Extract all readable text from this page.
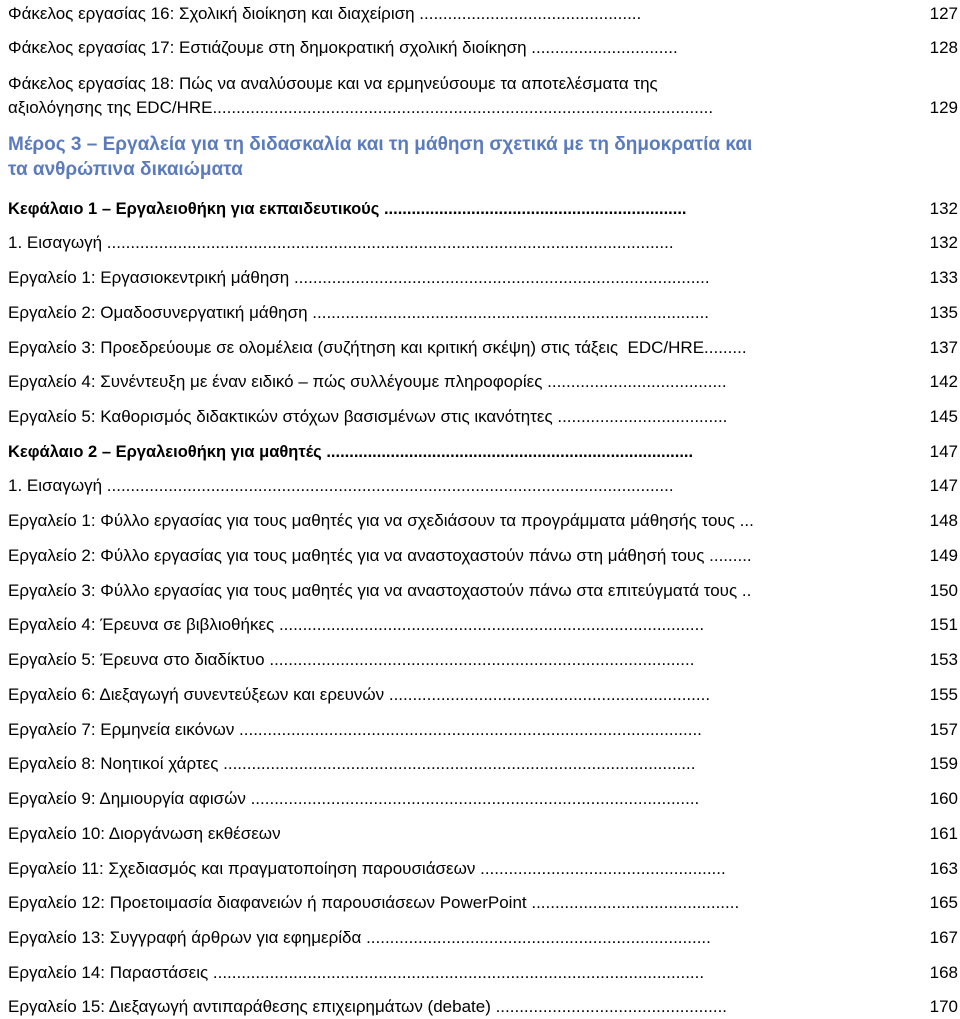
Φάκελος εργασίας 16: Σχολική διοίκηση και διαχείριση ...............................................	127
Φάκελος εργασίας 17: Εστιάζουμε στη δημοκρατική σχολική διοίκηση ...............................	128
Φάκελος εργασίας 18: Πώς να αναλύσουμε και να ερμηνεύσουμε τα αποτελέσματα της
αξιολόγησης της EDC/HRE..........................................................................................................	129
Μέρος 3 – Εργαλεία για τη διδασκαλία και τη μάθηση σχετικά με τη δημοκρατία και
τα ανθρώπινα δικαιώματα
Κεφάλαιο 1 – Εργαλειοθήκη για εκπαιδευτικούς ..................................................................	132
1. Εισαγωγή ........................................................................................................................	132
Εργαλείο 1: Εργασιοκεντρική μάθηση ........................................................................................	133
Εργαλείο 2: Ομαδοσυνεργατική μάθηση ....................................................................................	135
Εργαλείο 3: Προεδρεύουμε σε ολομέλεια (συζήτηση και κριτική σκέψη) στις τάξεις  EDC/HRE.........	137
Εργαλείο 4: Συνέντευξη με έναν ειδικό – πώς συλλέγουμε πληροφορίες ......................................	142
Εργαλείο 5: Καθορισμός διδακτικών στόχων βασισμένων στις ικανότητες ....................................	145
Κεφάλαιο 2 – Εργαλειοθήκη για μαθητές ................................................................................	147
1. Εισαγωγή ........................................................................................................................	147
Εργαλείο 1: Φύλλο εργασίας για τους μαθητές για να σχεδιάσουν τα προγράμματα μάθησής τους ...	148
Εργαλείο 2: Φύλλο εργασίας για τους μαθητές για να αναστοχαστούν πάνω στη μάθησή τους .........	149
Εργαλείο 3: Φύλλο εργασίας για τους μαθητές για να αναστοχαστούν πάνω στα επιτεύγματά τους ..	150
Εργαλείο 4: Έρευνα σε βιβλιοθήκες ..........................................................................................	151
Εργαλείο 5: Έρευνα στο διαδίκτυο ..........................................................................................	153
Εργαλείο 6: Διεξαγωγή συνεντεύξεων και ερευνών ....................................................................	155
Εργαλείο 7: Ερμηνεία εικόνων ..................................................................................................	157
Εργαλείο 8: Νοητικοί χάρτες ....................................................................................................	159
Εργαλείο 9: Δημιουργία αφισών ...............................................................................................	160
Εργαλείο 10: Διοργάνωση εκθέσεων	161
Εργαλείο 11: Σχεδιασμός και πραγματοποίηση παρουσιάσεων ....................................................	163
Εργαλείο 12: Προετοιμασία διαφανειών ή παρουσιάσεων PowerPoint ............................................	165
Εργαλείο 13: Συγγραφή άρθρων για εφημερίδα .........................................................................	167
Εργαλείο 14: Παραστάσεις ........................................................................................................	168
Εργαλείο 15: Διεξαγωγή αντιπαράθεσης επιχειρημάτων (debate) .................................................	170
